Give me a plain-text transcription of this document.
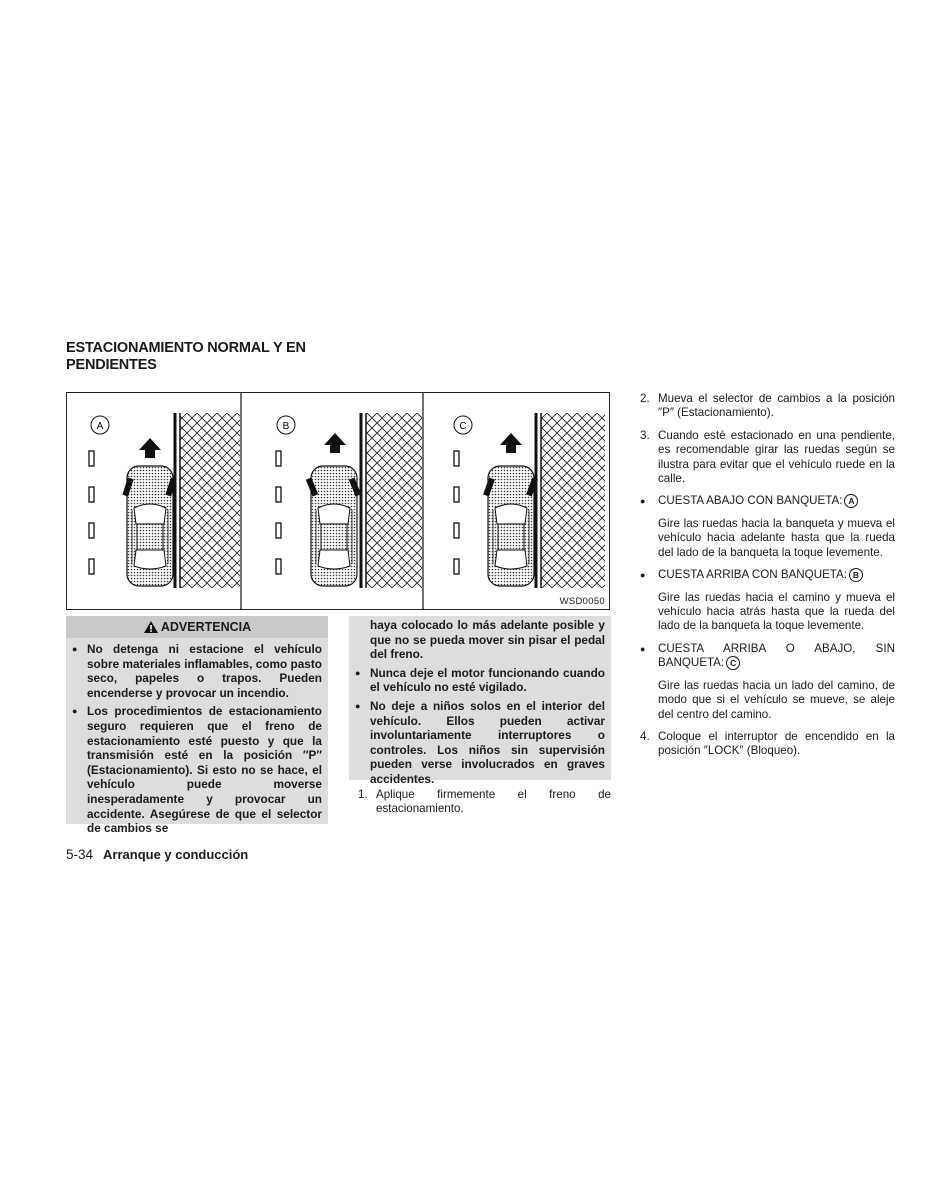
ESTACIONAMIENTO NORMAL Y EN PENDIENTES
A	B	C
WSD0050
ADVERTENCIA
● No detenga ni estacione el vehículo sobre materiales inflamables, como pasto seco, papeles o trapos. Pueden encenderse y provocar un incendio.
● Los procedimientos de estacionamiento seguro requieren que el freno de estacionamiento esté puesto y que la transmisión esté en la posición ″P″ (Estacionamiento). Si esto no se hace, el vehículo puede moverse inesperadamente y provocar un accidente. Asegúrese de que el selector de cambios se
haya colocado lo más adelante posible y que no se pueda mover sin pisar el pedal del freno.
● Nunca deje el motor funcionando cuando el vehículo no esté vigilado.
● No deje a niños solos en el interior del vehículo. Ellos pueden activar involuntariamente interruptores o controles. Los niños sin supervisión pueden verse involucrados en graves accidentes.
1. Aplique firmemente el freno de estacionamiento.
2. Mueva el selector de cambios a la posición ″P″ (Estacionamiento).
3. Cuando esté estacionado en una pendiente, es recomendable girar las ruedas según se ilustra para evitar que el vehículo ruede en la calle.
● CUESTA ABAJO CON BANQUETA: A
Gire las ruedas hacia la banqueta y mueva el vehículo hacia adelante hasta que la rueda del lado de la banqueta la toque levemente.
● CUESTA ARRIBA CON BANQUETA: B
Gire las ruedas hacia el camino y mueva el vehículo hacia atrás hasta que la rueda del lado de la banqueta la toque levemente.
● CUESTA ARRIBA O ABAJO, SIN BANQUETA: C
Gire las ruedas hacia un lado del camino, de modo que si el vehículo se mueve, se aleje del centro del camino.
4. Coloque el interruptor de encendido en la posición ″LOCK″ (Bloqueo).
5-34 Arranque y conducción
